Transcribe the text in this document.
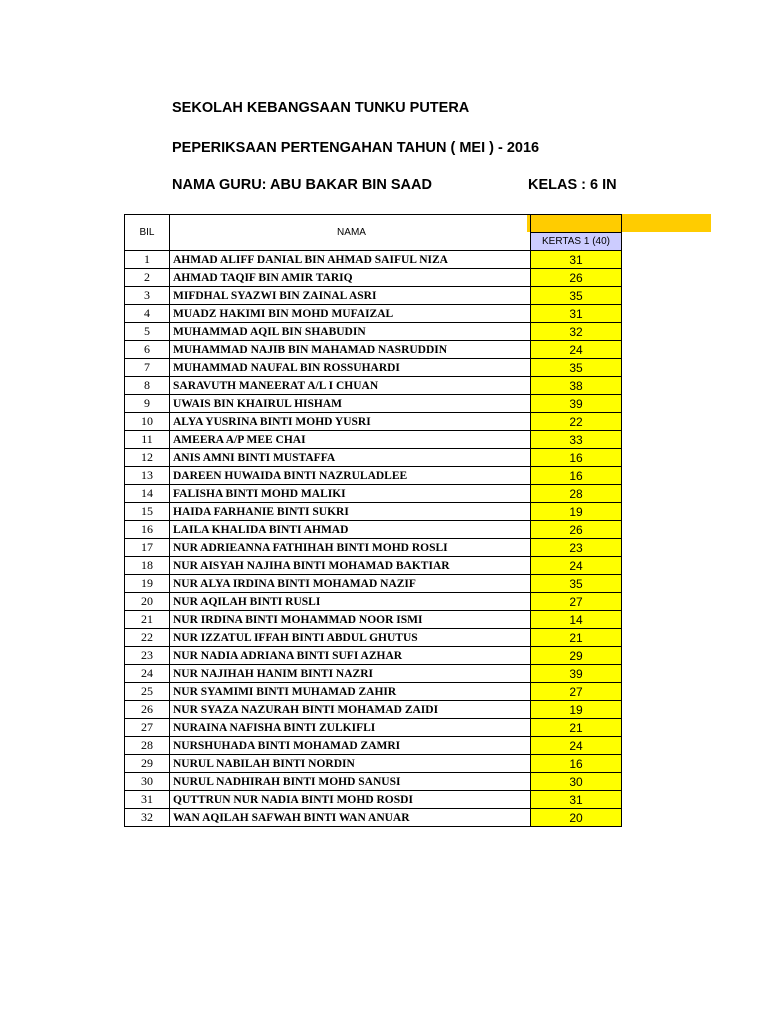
SEKOLAH KEBANGSAAN TUNKU PUTERA
PEPERIKSAAN PERTENGAHAN TAHUN ( MEI ) - 2016
NAMA GURU: ABU BAKAR BIN SAAD	KELAS : 6 IN
BIL	NAMA	
		KERTAS 1 (40)
1	AHMAD ALIFF DANIAL BIN AHMAD SAIFUL NIZA	31
2	AHMAD TAQIF BIN AMIR TARIQ	26
3	MIFDHAL SYAZWI BIN ZAINAL ASRI	35
4	MUADZ HAKIMI BIN MOHD MUFAIZAL	31
5	MUHAMMAD AQIL BIN SHABUDIN	32
6	MUHAMMAD NAJIB BIN MAHAMAD NASRUDDIN	24
7	MUHAMMAD NAUFAL BIN ROSSUHARDI	35
8	SARAVUTH MANEERAT A/L I CHUAN	38
9	UWAIS BIN KHAIRUL HISHAM	39
10	ALYA YUSRINA BINTI MOHD YUSRI	22
11	AMEERA A/P MEE CHAI	33
12	ANIS AMNI BINTI MUSTAFFA	16
13	DAREEN HUWAIDA BINTI NAZRULADLEE	16
14	FALISHA BINTI MOHD MALIKI	28
15	HAIDA FARHANIE BINTI SUKRI	19
16	LAILA KHALIDA BINTI AHMAD	26
17	NUR ADRIEANNA FATHIHAH BINTI MOHD ROSLI	23
18	NUR AISYAH NAJIHA BINTI MOHAMAD BAKTIAR	24
19	NUR ALYA IRDINA BINTI MOHAMAD NAZIF	35
20	NUR AQILAH BINTI RUSLI	27
21	NUR IRDINA BINTI MOHAMMAD NOOR ISMI	14
22	NUR IZZATUL IFFAH BINTI ABDUL GHUTUS	21
23	NUR NADIA ADRIANA BINTI SUFI AZHAR	29
24	NUR NAJIHAH HANIM BINTI NAZRI	39
25	NUR SYAMIMI BINTI MUHAMAD ZAHIR	27
26	NUR SYAZA NAZURAH BINTI MOHAMAD ZAIDI	19
27	NURAINA NAFISHA BINTI ZULKIFLI	21
28	NURSHUHADA BINTI MOHAMAD ZAMRI	24
29	NURUL NABILAH BINTI NORDIN	16
30	NURUL NADHIRAH BINTI MOHD SANUSI	30
31	QUTTRUN NUR NADIA BINTI MOHD ROSDI	31
32	WAN AQILAH SAFWAH BINTI WAN ANUAR	20
